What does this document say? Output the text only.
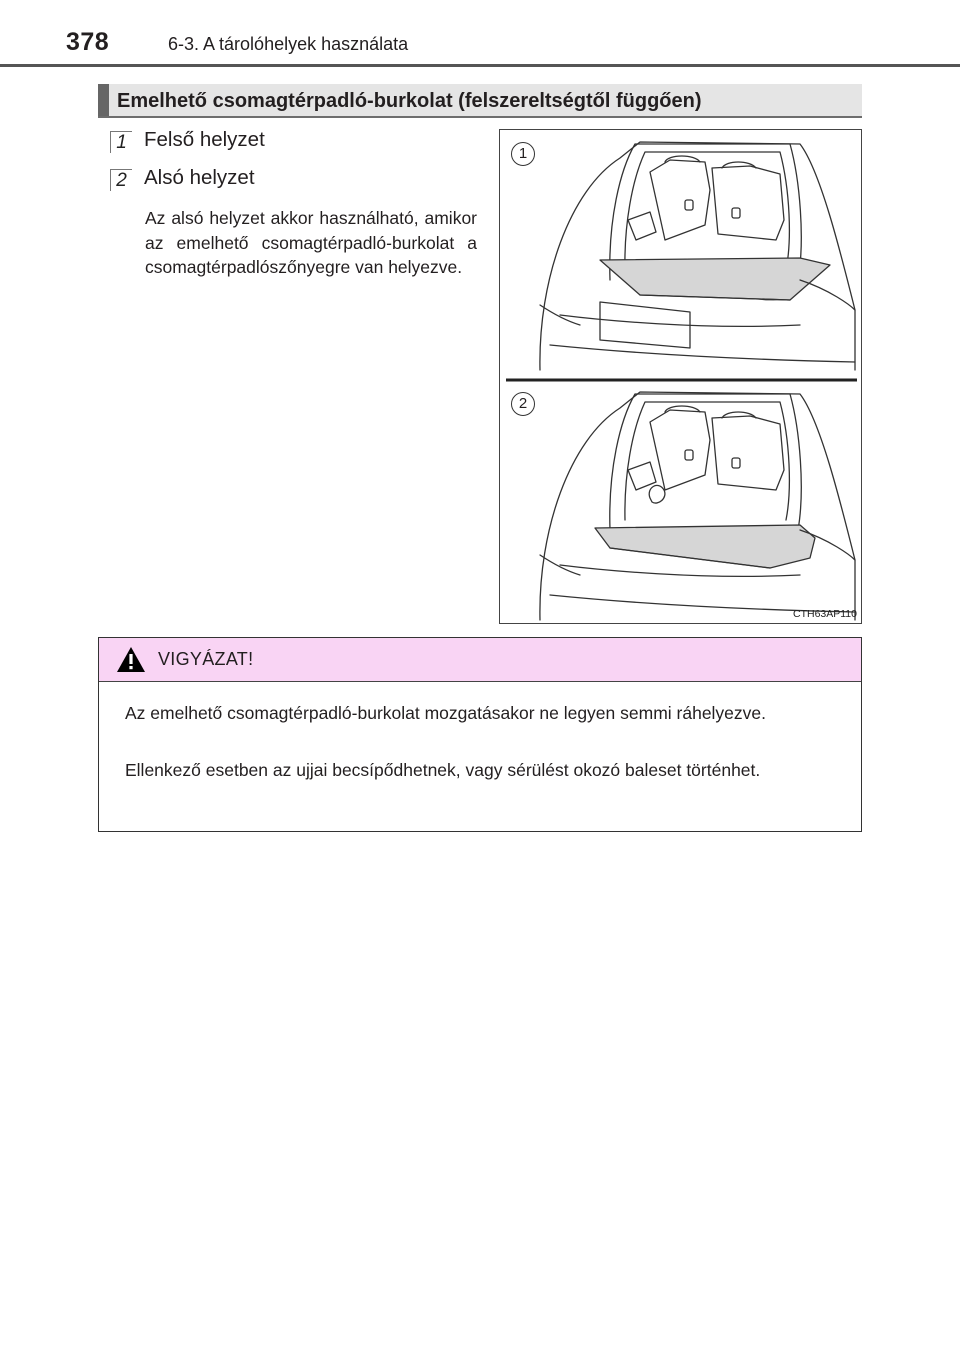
378	6-3. A tárolóhelyek használata
Emelhető csomagtérpadló-burkolat (felszereltségtől függően)
1 Felső helyzet
2 Alsó helyzet
Az alsó helyzet akkor használható, amikor az emelhető csomagtérpadló-burkolat a csomagtérpadlószőnyegre van helyezve.
1
2
CTH63AP110
VIGYÁZAT!
Az emelhető csomagtérpadló-burkolat mozgatásakor ne legyen semmi ráhelyezve.
Ellenkező esetben az ujjai becsípődhetnek, vagy sérülést okozó baleset történhet.
